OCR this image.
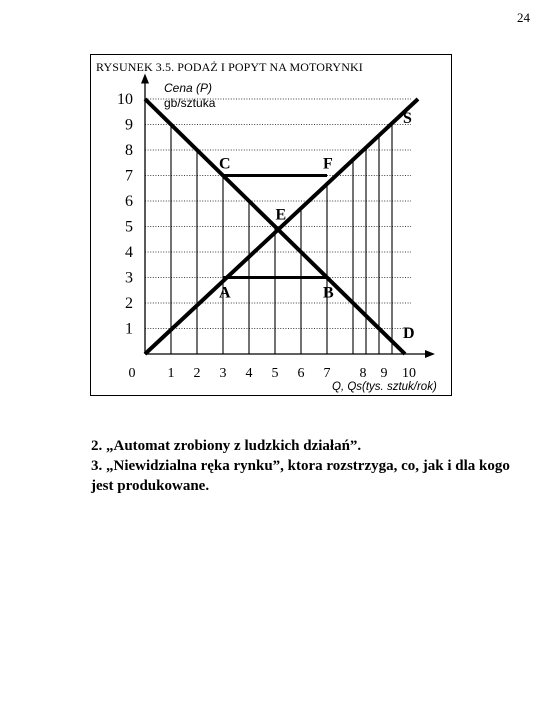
24
RYSUNEK 3.5. PODAŻ I POPYT NA MOTORYNKI
1
2
3
4
5
6
7
8
9
10
0 1 2 3 4 5 6 7 8 9 10
Cena (P)
gb/sztuka
Q, Qs(tys. sztuk/rok)
S
D
C	F
E
A	B

2. „Automat zrobiony z ludzkich działań”.

3. „Niewidzialna ręka rynku”, ktora rozstrzyga, co, jak i dla kogo jest produkowane.
